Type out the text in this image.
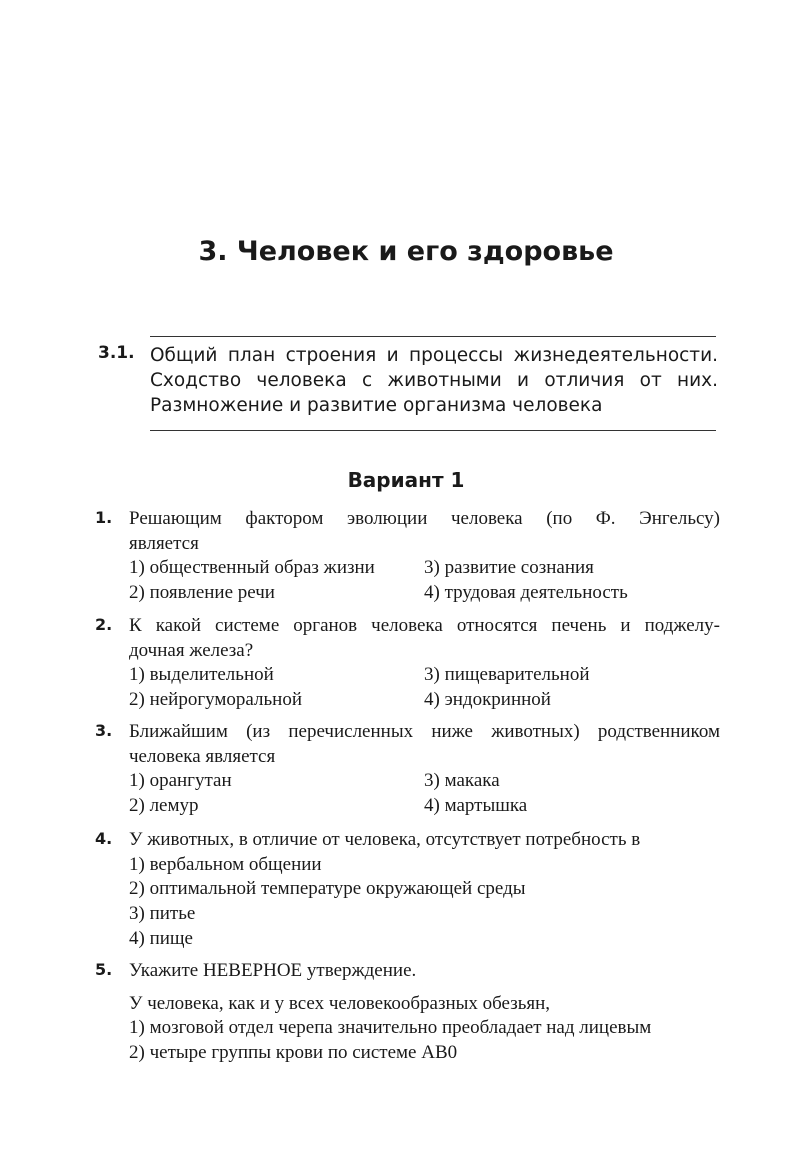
3. Человек и его здоровье
3.1. Общий план строения и процессы жизнедеятельности.
Сходство человека с животными и отличия от них.
Размножение и развитие организма человека
Вариант 1
1. Решающим фактором эволюции человека (по Ф. Энгельсу)
является
1) общественный образ жизни	3) развитие сознания
2) появление речи	4) трудовая деятельность
2. К какой системе органов человека относятся печень и поджелу-
дочная железа?
1) выделительной	3) пищеварительной
2) нейрогуморальной	4) эндокринной
3. Ближайшим (из перечисленных ниже животных) родственником
человека является
1) орангутан	3) макака
2) лемур	4) мартышка
4. У животных, в отличие от человека, отсутствует потребность в
1) вербальном общении
2) оптимальной температуре окружающей среды
3) питье
4) пище
5. Укажите НЕВЕРНОЕ утверждение.
У человека, как и у всех человекообразных обезьян,
1) мозговой отдел черепа значительно преобладает над лицевым
2) четыре группы крови по системе АВ0
